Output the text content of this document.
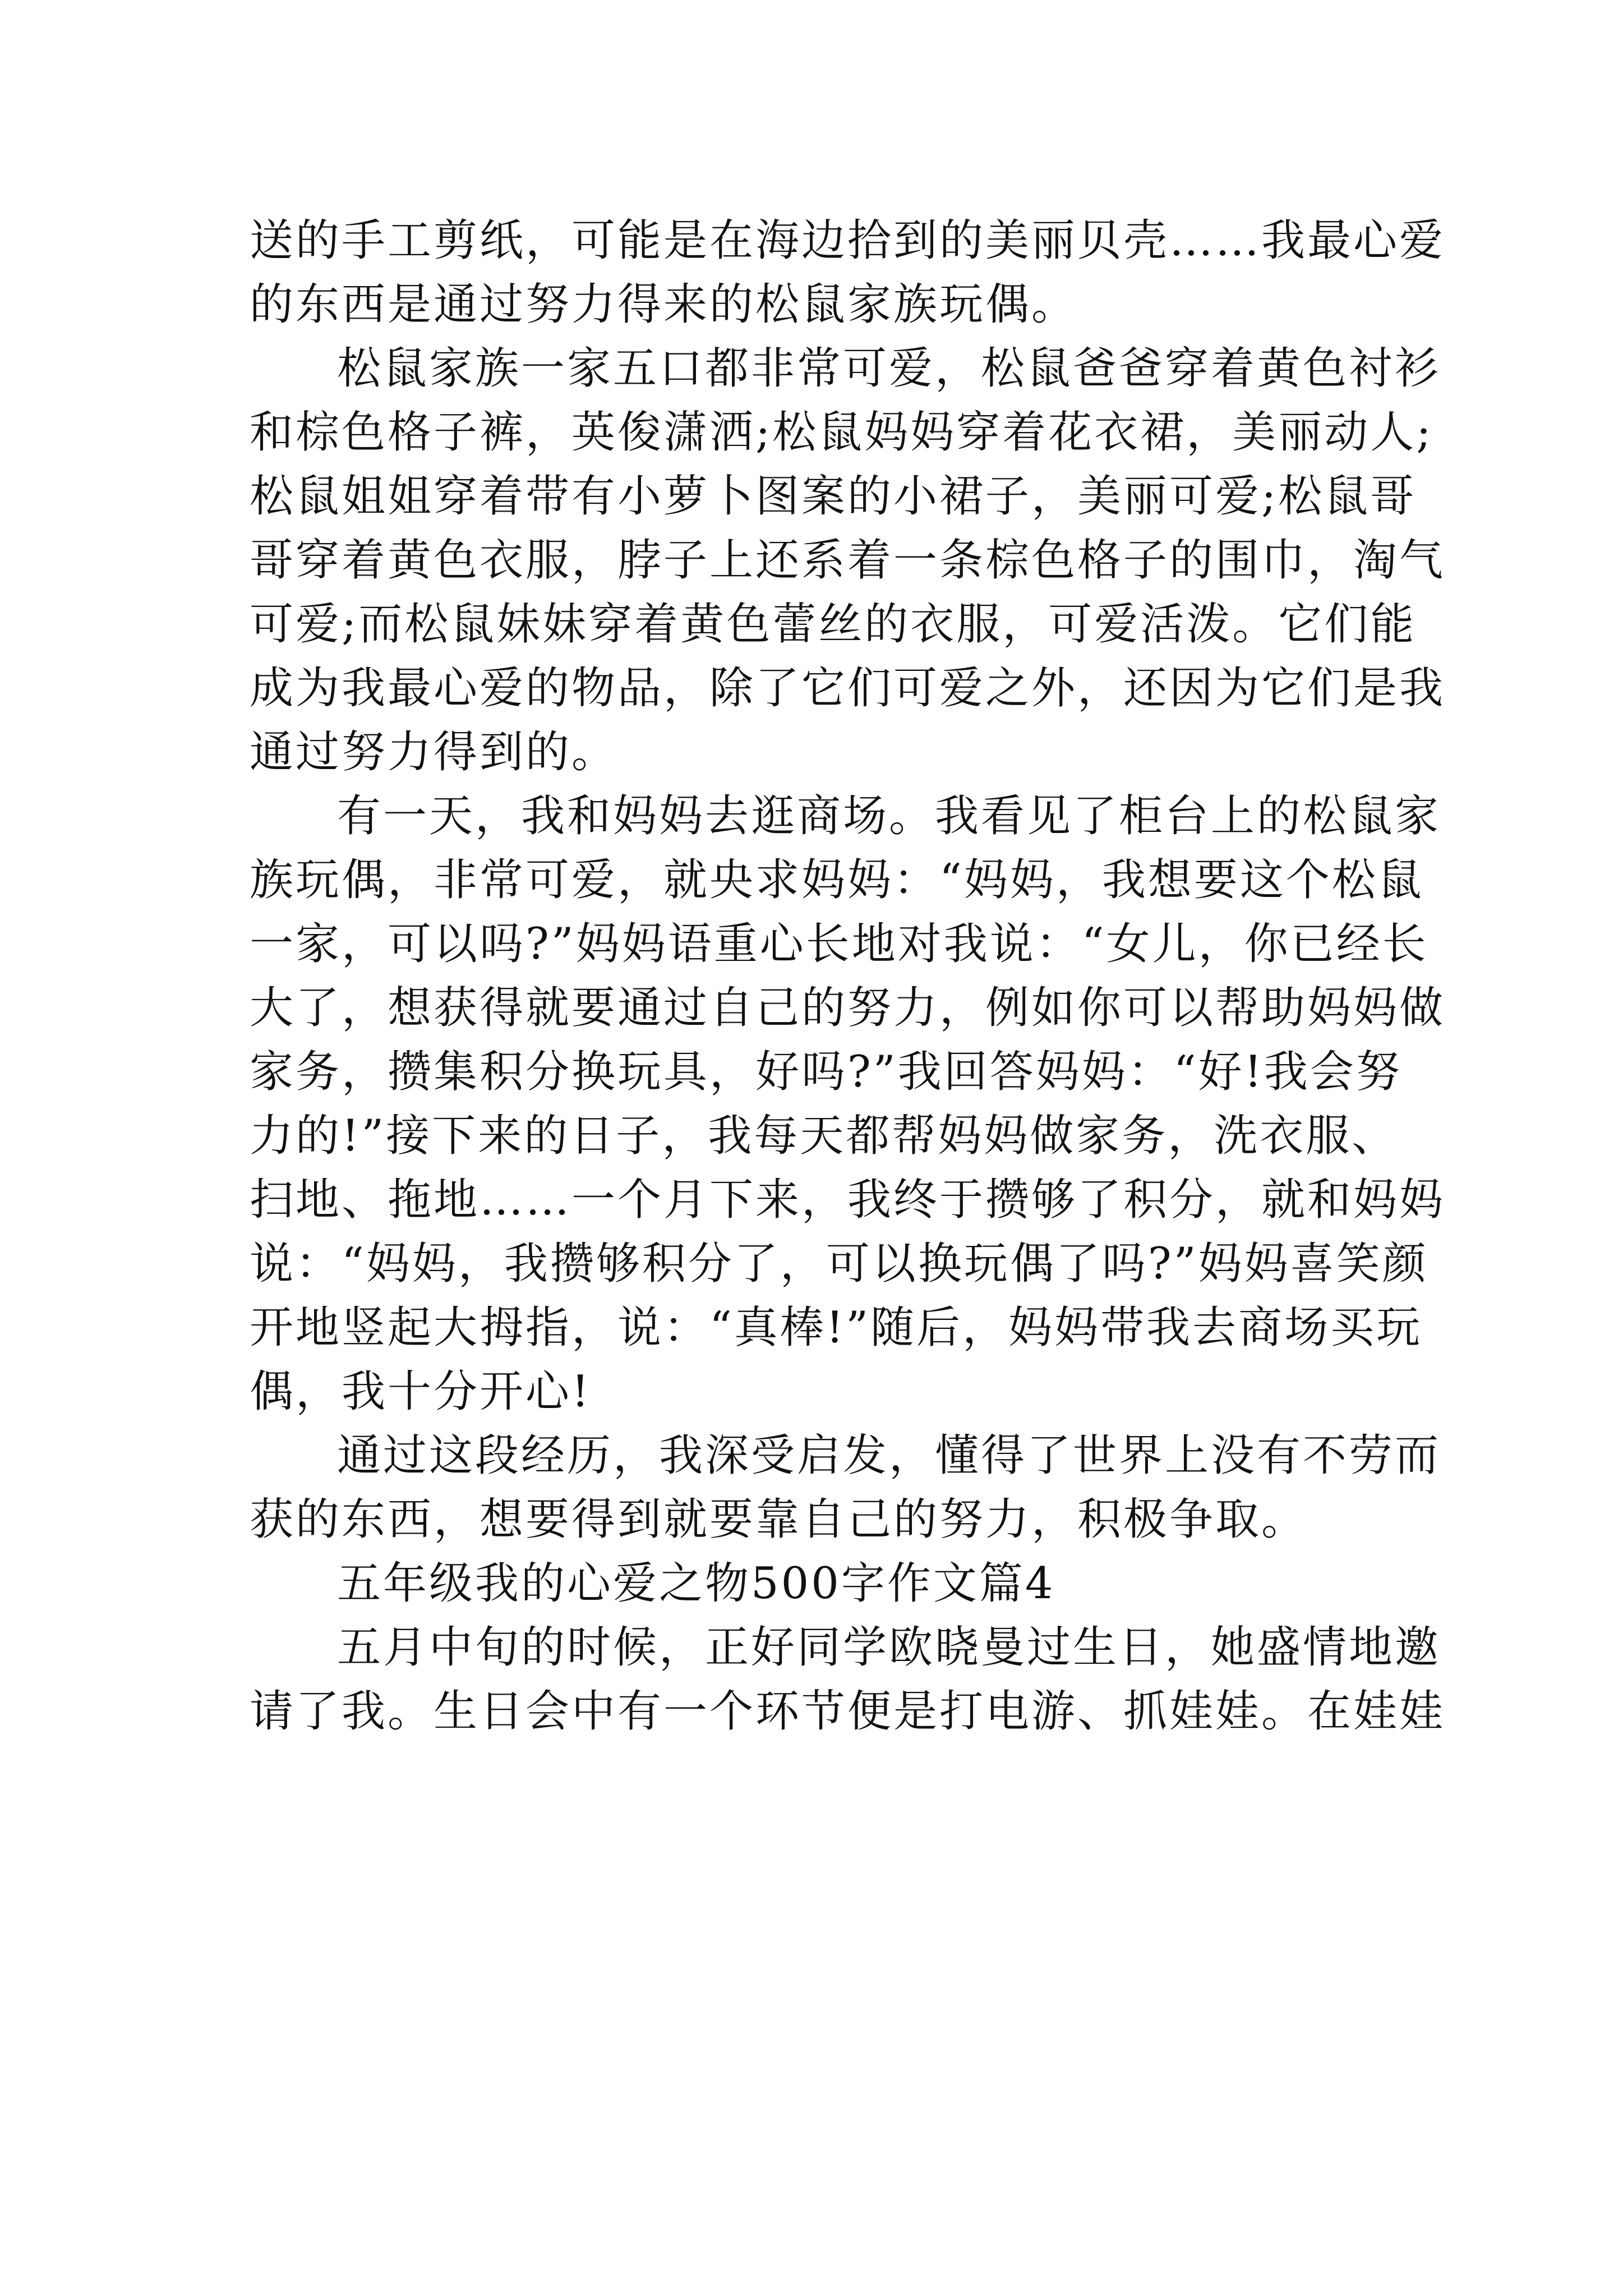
送的手工剪纸，可能是在海边拾到的美丽贝壳……我最心爱
的东西是通过努力得来的松鼠家族玩偶。
松鼠家族一家五口都非常可爱，松鼠爸爸穿着黄色衬衫
和棕色格子裤，英俊潇洒;松鼠妈妈穿着花衣裙，美丽动人;
松鼠姐姐穿着带有小萝卜图案的小裙子，美丽可爱;松鼠哥
哥穿着黄色衣服，脖子上还系着一条棕色格子的围巾，淘气
可爱;而松鼠妹妹穿着黄色蕾丝的衣服，可爱活泼。它们能
成为我最心爱的物品，除了它们可爱之外，还因为它们是我
通过努力得到的。
有一天，我和妈妈去逛商场。我看见了柜台上的松鼠家
族玩偶，非常可爱，就央求妈妈：“妈妈，我想要这个松鼠
一家，可以吗?”妈妈语重心长地对我说：“女儿，你已经长
大了，想获得就要通过自己的努力，例如你可以帮助妈妈做
家务，攒集积分换玩具，好吗?”我回答妈妈：“好!我会努
力的!”接下来的日子，我每天都帮妈妈做家务，洗衣服、
扫地、拖地……一个月下来，我终于攒够了积分，就和妈妈
说：“妈妈，我攒够积分了，可以换玩偶了吗?”妈妈喜笑颜
开地竖起大拇指，说：“真棒!”随后，妈妈带我去商场买玩
偶，我十分开心!
通过这段经历，我深受启发，懂得了世界上没有不劳而
获的东西，想要得到就要靠自己的努力，积极争取。
五年级我的心爱之物500字作文篇4
五月中旬的时候，正好同学欧晓曼过生日，她盛情地邀
请了我。生日会中有一个环节便是打电游、抓娃娃。在娃娃
